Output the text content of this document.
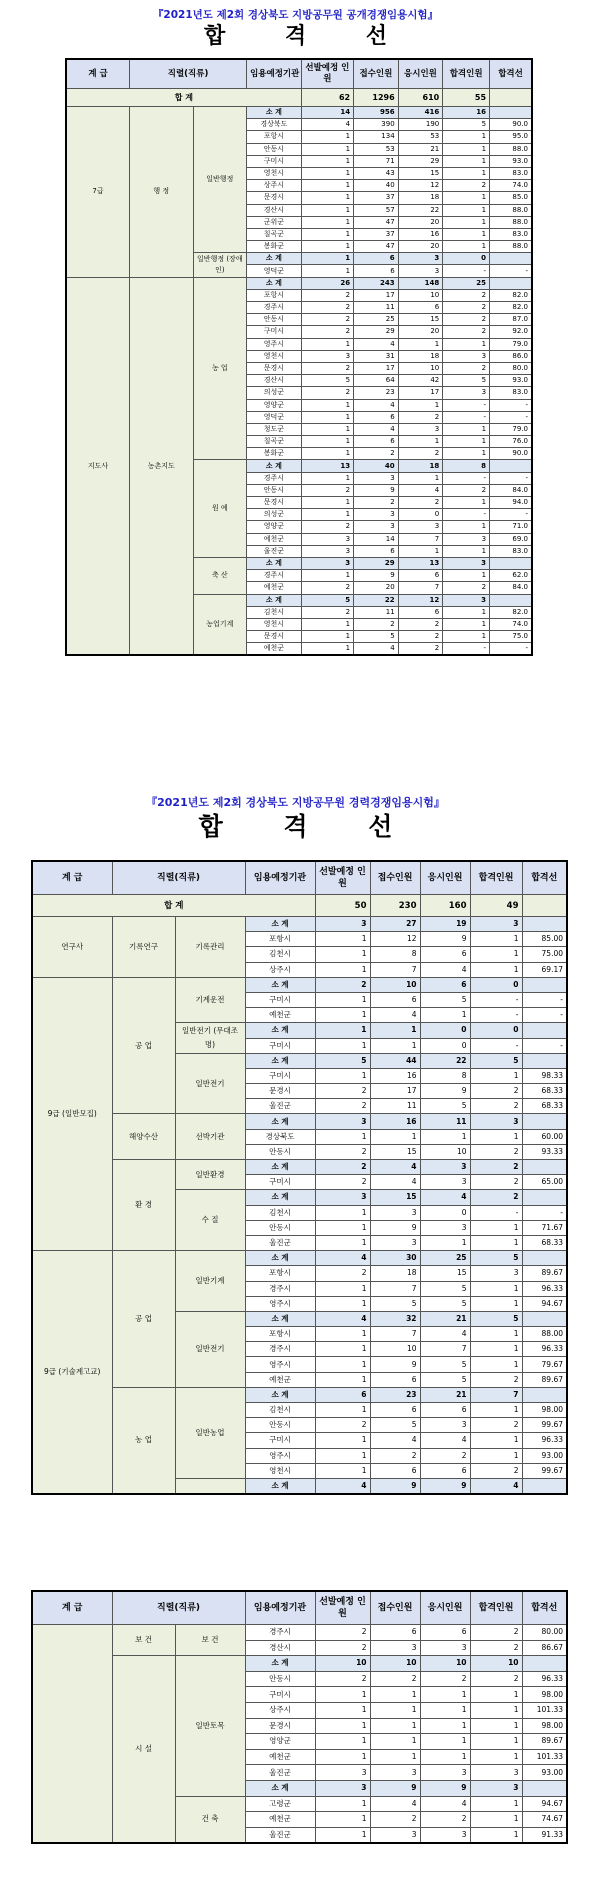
『2021년도 제2회 경상북도 지방공무원 공개경쟁임용시험』
합 격 선
계 급	직렬(직류)		임용예정기관	선발예정 인 원	접수인원	응시인원	합격인원	합격선
합 계				62	1296	610	55	
7급	행 정	일반행정	소 계	14	956	416	16	
			경상북도	4	390	190	5	90.0
			포항시	1	134	53	1	95.0
			안동시	1	53	21	1	88.0
			구미시	1	71	29	1	93.0
			영천시	1	43	15	1	83.0
			상주시	1	40	12	2	74.0
			문경시	1	37	18	1	85.0
			경산시	1	57	22	1	88.0
			군위군	1	47	20	1	88.0
			칠곡군	1	37	16	1	83.0
			봉화군	1	47	20	1	88.0
		일반행정 (장애인)	소 계	1	6	3	0	
			영덕군	1	6	3	-	-
지도사	농촌지도	농 업	소 계	26	243	148	25	
			포항시	2	17	10	2	82.0
			경주시	2	11	6	2	82.0
			안동시	2	25	15	2	87.0
			구미시	2	29	20	2	92.0
			영주시	1	4	1	1	79.0
			영천시	3	31	18	3	86.0
			문경시	2	17	10	2	80.0
			경산시	5	64	42	5	93.0
			의성군	2	23	17	3	83.0
			영양군	1	4	1	-	-
			영덕군	1	6	2	-	-
			청도군	1	4	3	1	79.0
			칠곡군	1	6	1	1	76.0
			봉화군	1	2	2	1	90.0
		원 예	소 계	13	40	18	8	
			경주시	1	3	1	-	-
			안동시	2	9	4	2	84.0
			문경시	1	2	2	1	94.0
			의성군	1	3	0	-	-
			영양군	2	3	3	1	71.0
			예천군	3	14	7	3	69.0
			울진군	3	6	1	1	83.0
		축 산	소 계	3	29	13	3	
			경주시	1	9	6	1	62.0
			예천군	2	20	7	2	84.0
		농업기계	소 계	5	22	12	3	
			김천시	2	11	6	1	82.0
			영천시	1	2	2	1	74.0
			문경시	1	5	2	1	75.0
			예천군	1	4	2	-	-
『2021년도 제2회 경상북도 지방공무원 경력경쟁임용시험』
합 격 선
계 급	직렬(직류)		임용예정기관	선발예정 인 원	접수인원	응시인원	합격인원	합격선
합 계				50	230	160	49	
연구사	기록연구	기록관리	소 계	3	27	19	3	
			포항시	1	12	9	1	85.00
			김천시	1	8	6	1	75.00
			상주시	1	7	4	1	69.17
9급 (일반모집)	공 업	기계운전	소 계	2	10	6	0	
			구미시	1	6	5	-	-
			예천군	1	4	1	-	-
		일반전기 (무대조명)	소 계	1	1	0	0	
			구미시	1	1	0	-	-
		일반전기	소 계	5	44	22	5	
			구미시	1	16	8	1	98.33
			문경시	2	17	9	2	68.33
			울진군	2	11	5	2	68.33
	해양수산	선박기관	소 계	3	16	11	3	
			경상북도	1	1	1	1	60.00
			안동시	2	15	10	2	93.33
	환 경	일반환경	소 계	2	4	3	2	
			구미시	2	4	3	2	65.00
		수 질	소 계	3	15	4	2	
			김천시	1	3	0	-	-
			안동시	1	9	3	1	71.67
			울진군	1	3	1	1	68.33
9급 (기술계고교)	공 업	일반기계	소 계	4	30	25	5	
			포항시	2	18	15	3	89.67
			경주시	1	7	5	1	96.33
			영주시	1	5	5	1	94.67
		일반전기	소 계	4	32	21	5	
			포항시	1	7	4	1	88.00
			경주시	1	10	7	1	96.33
			영주시	1	9	5	1	79.67
			예천군	1	6	5	2	89.67
	농 업	일반농업	소 계	6	23	21	7	
			김천시	1	6	6	1	98.00
			안동시	2	5	3	2	99.67
			구미시	1	4	4	1	96.33
			영주시	1	2	2	1	93.00
			영천시	1	6	6	2	99.67
			소 계	4	9	9	4	
계 급	직렬(직류)		임용예정기관	선발예정 인 원	접수인원	응시인원	합격인원	합격선
	보 건	보 건	경주시	2	6	6	2	80.00
			경산시	2	3	3	2	86.67
	시 설	일반토목	소 계	10	10	10	10	
			안동시	2	2	2	2	96.33
			구미시	1	1	1	1	98.00
			상주시	1	1	1	1	101.33
			문경시	1	1	1	1	98.00
			영양군	1	1	1	1	89.67
			예천군	1	1	1	1	101.33
			울진군	3	3	3	3	93.00
			소 계	3	9	9	3	
		건 축	고령군	1	4	4	1	94.67
			예천군	1	2	2	1	74.67
			울진군	1	3	3	1	91.33
